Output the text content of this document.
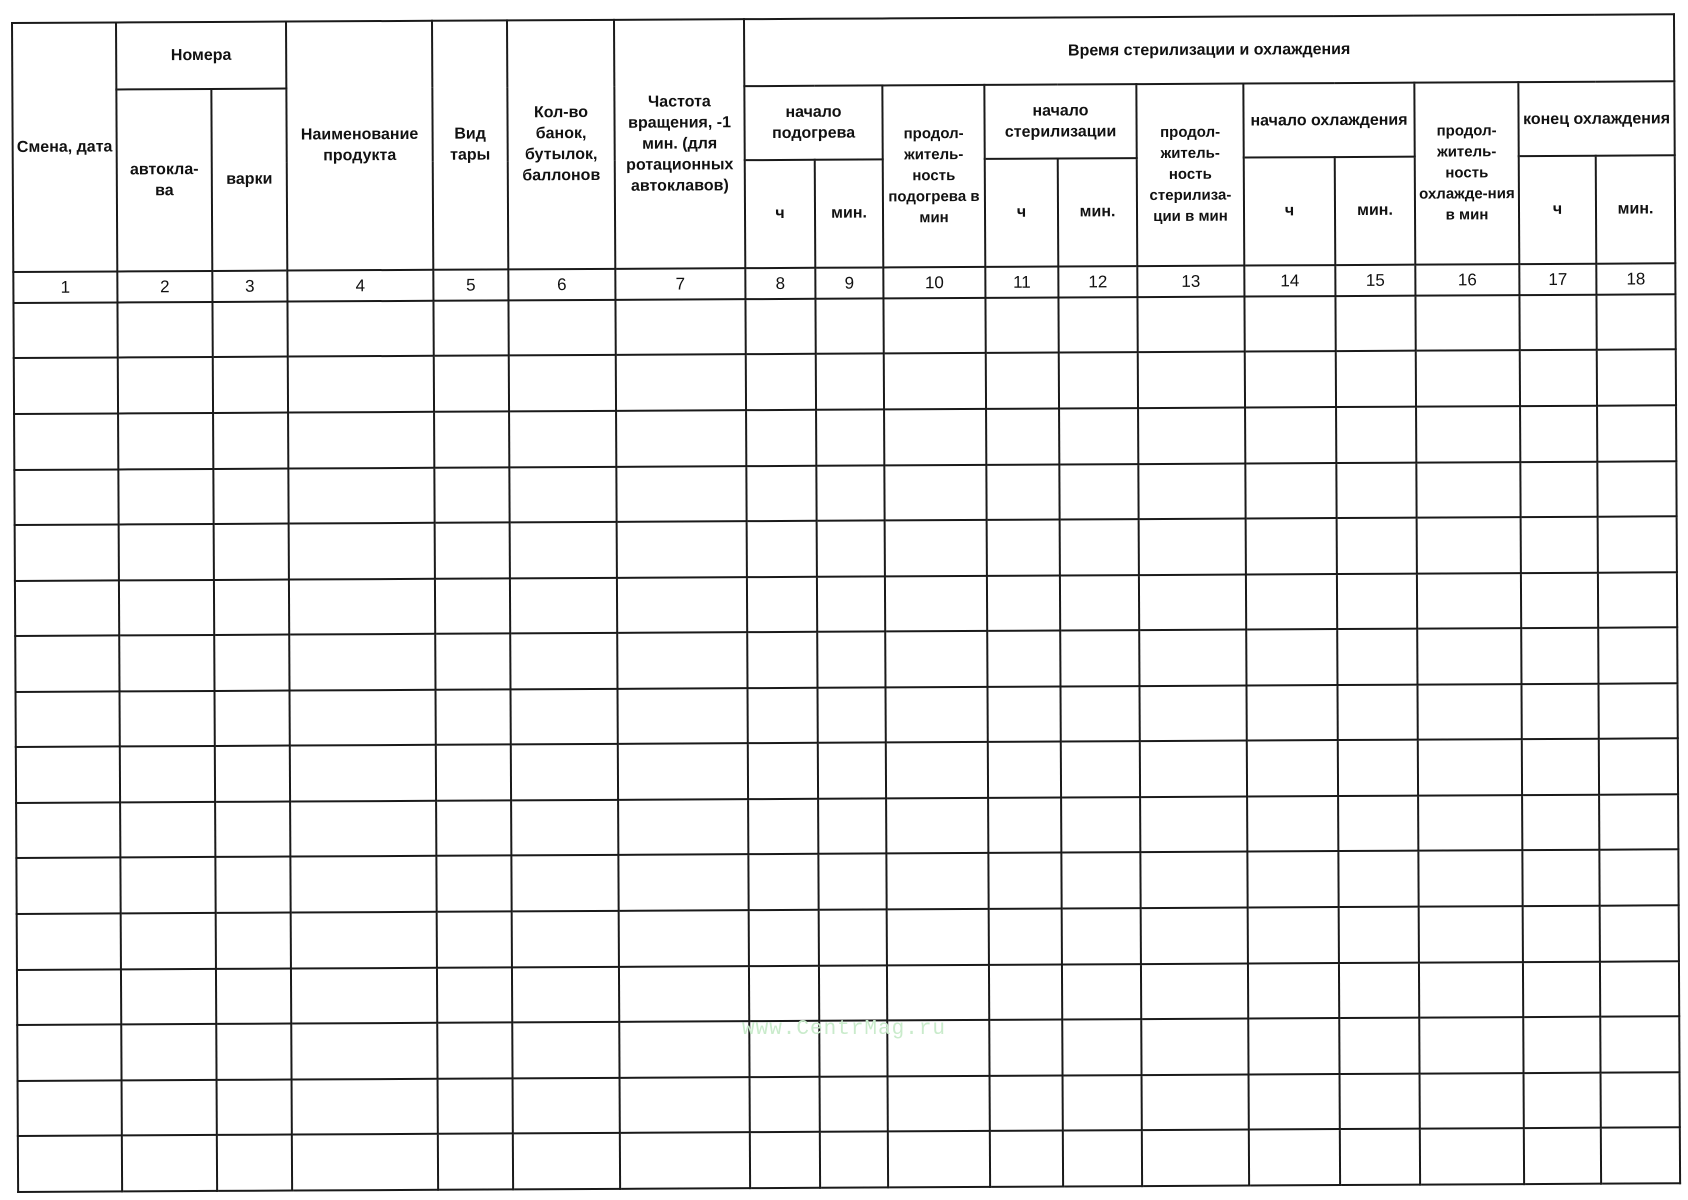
Смена, дата	Номера		Наименование продукта	Вид тары	Кол-во банок, бутылок, баллонов	Частота вращения, -1 мин. (для ротационных автоклавов)	Время стерилизации и охлаждения										
	автокла-ва	варки					начало подогрева		продол-житель-ность подогрева в мин	начало стерилизации		продол-житель-ность стерилиза-ции в мин	начало охлаждения		продол-житель-ность охлажде-ния в мин	конец охлаждения	
							ч	мин.		ч	мин.		ч	мин.		ч	мин.
1	2	3	4	5	6	7	8	9	10	11	12	13	14	15	16	17	18

www.CentrMag.ru
